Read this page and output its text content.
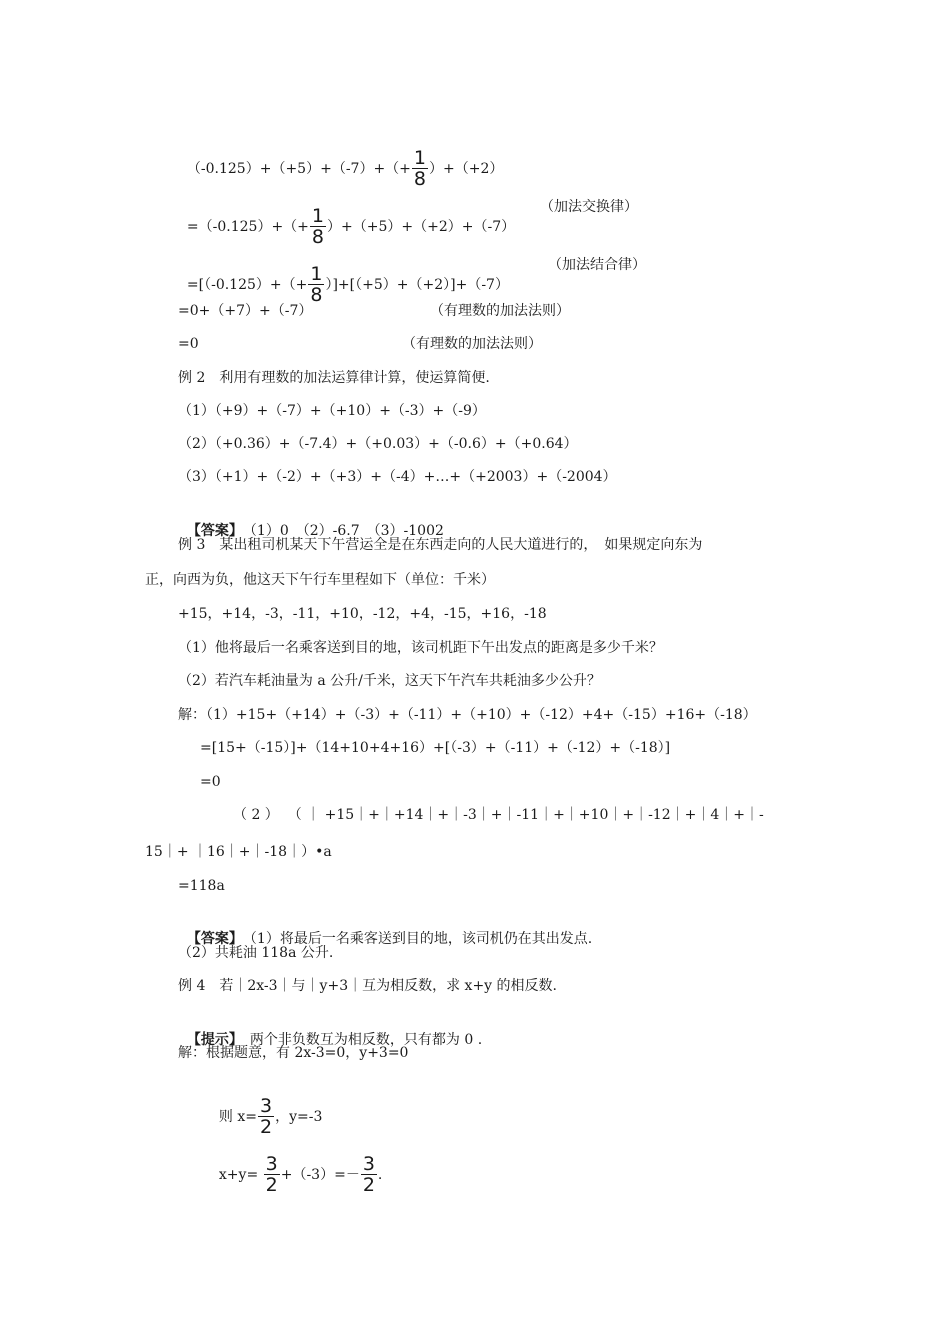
$(-0.125)+(+5)+(-7)+(+ \frac{1}{8} )+(+2)$

$=(-0.125)+(+ \frac{1}{8} )+(+5)+(+2)+(-7)$

（加法交换律）

$=[(-0.125)+(+ \frac{1}{8} )]+[(+5)+(+2)]+(-7)$

（加法结合律）
=0+（+7）+（-7）	（有理数的加法法则）
=0	（有理数的加法法则）
例 2　利用有理数的加法运算律计算，使运算简便.
（1）（+9）+（-7）+（+10）+（-3）+（-9）
（2）（+0.36）+（-7.4）+（+0.03）+（-0.6）+（+0.64）
（3）（+1）+（-2）+（+3）+（-4）+…+（+2003）+（-2004）

【答案】　 （1）0　（2）-6.7　（3）-1002

例 3　某出租司机某天下午营运全是在东西走向的人民大道进行的，　如果规定向东为
正，向西为负，他这天下午行车里程如下（单位：千米）
+15，+14，-3，-11，+10，-12，+4，-15，+16，-18
（1）他将最后一名乘客送到目的地，该司机距下午出发点的距离是多少千米？
（2）若汽车耗油量为 a 公升/千米，这天下午汽车共耗油多少公升？
解：（1）+15+（+14）+（-3）+（-11）+（+10）+（-12）+4+（-15）+16+（-18）
=[15+（-15）]+（14+10+4+16）+[（-3）+（-11）+（-12）+（-18）]
=0
（ 2 ）  （ ｜ +15｜+｜+14｜+｜-3｜+｜-11｜+｜+10｜+｜-12｜+｜4｜+｜-
15｜+ ｜16｜+｜-18｜）•a
=118a

【答案】　 （1）将最后一名乘客送到目的地，该司机仍在其出发点.

（2）共耗油 118a 公升.
例 4　若｜2x-3｜与｜y+3｜互为相反数，求 x+y 的相反数.

【提示】　 两个非负数互为相反数，只有都为 0 .

解：根据题意，有 2x-3=0，y+3=0

则 $x= \frac{3}{2}$ ，y=-3

$x+y= \frac{3}{2} +(-3)=- \frac{3}{2}$ .
